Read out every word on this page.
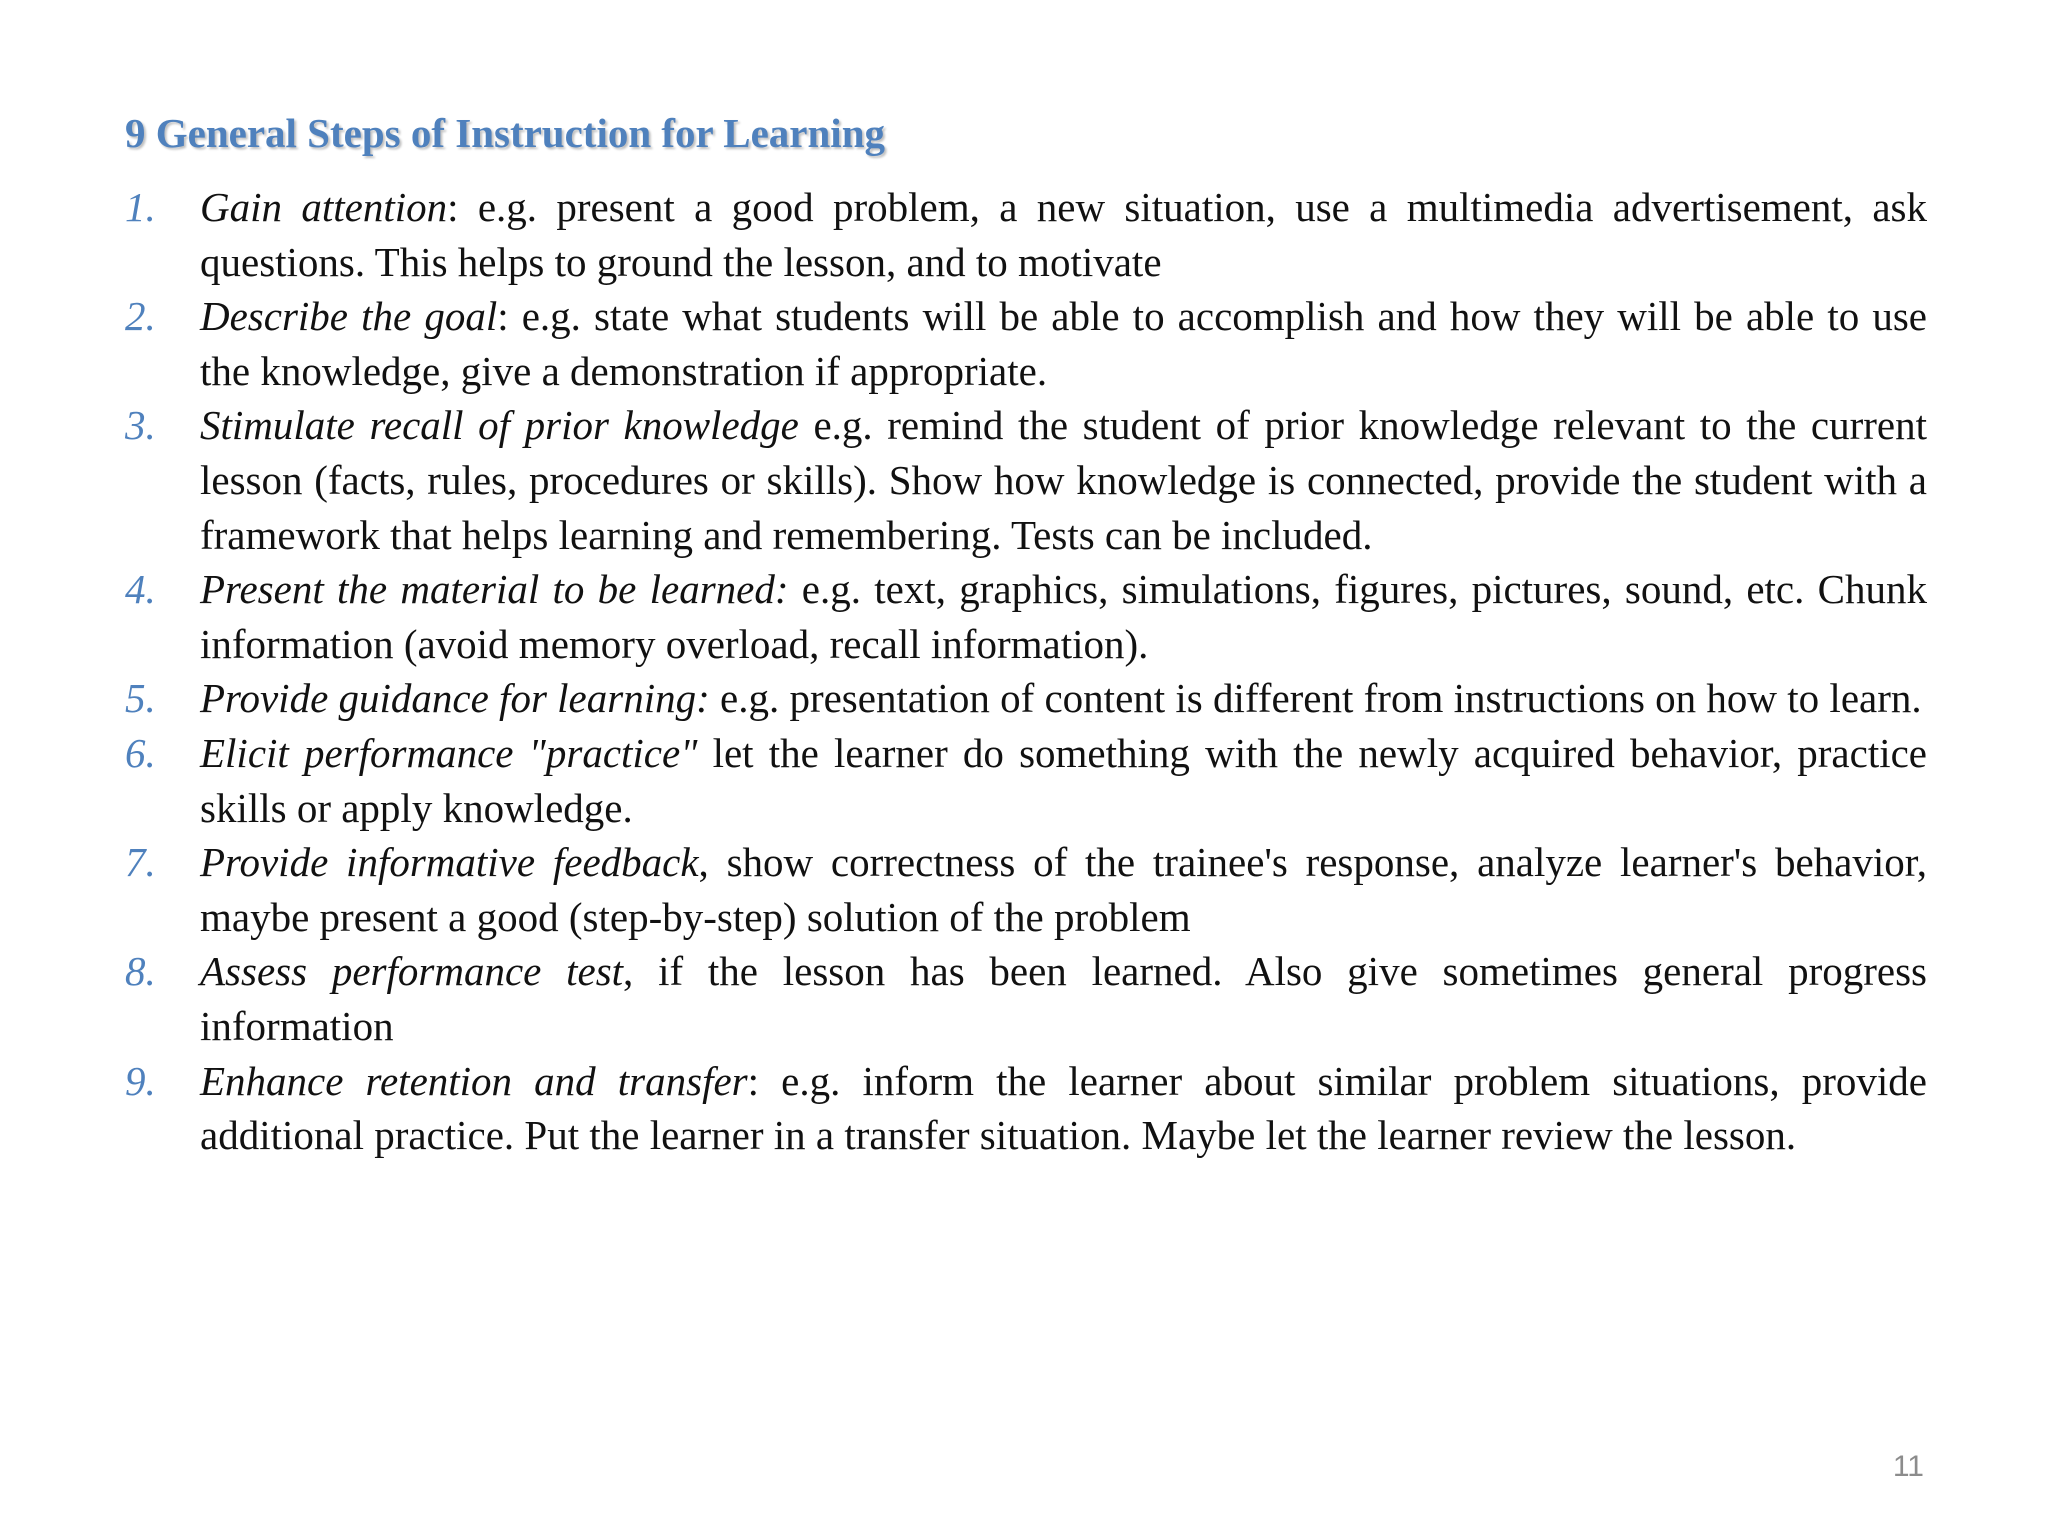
9 General Steps of Instruction for Learning
1. Gain attention: e.g. present a good problem, a new situation, use a multimedia advertisement, ask questions. This helps to ground the lesson, and to motivate
2. Describe the goal: e.g. state what students will be able to accomplish and how they will be able to use the knowledge, give a demonstration if appropriate.
3. Stimulate recall of prior knowledge e.g. remind the student of prior knowledge relevant to the current lesson (facts, rules, procedures or skills). Show how knowledge is connected, provide the student with a framework that helps learning and remembering. Tests can be included.
4. Present the material to be learned: e.g. text, graphics, simulations, figures, pictures, sound, etc. Chunk information (avoid memory overload, recall information).
5. Provide guidance for learning: e.g. presentation of content is different from instructions on how to learn.
6. Elicit performance "practice" let the learner do something with the newly acquired behavior, practice skills or apply knowledge.
7. Provide informative feedback, show correctness of the trainee's response, analyze learner's behavior, maybe present a good (step-by-step) solution of the problem
8. Assess performance test, if the lesson has been learned. Also give sometimes general progress information
9. Enhance retention and transfer: e.g. inform the learner about similar problem situations, provide additional practice. Put the learner in a transfer situation. Maybe let the learner review the lesson.
11
